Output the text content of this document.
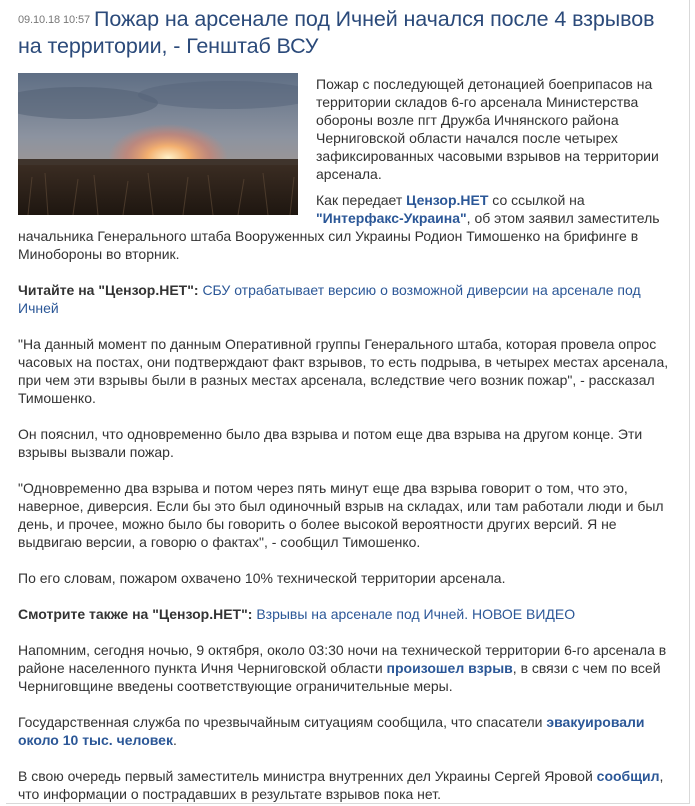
09.10.18 10:57 Пожар на арсенале под Ичней начался после 4 взрывов на территории, - Генштаб ВСУ

Пожар с последующей детонацией боеприпасов на территории складов 6-го арсенала Министерства обороны возле пгт Дружба Ичнянского района Черниговской области начался после четырех зафиксированных часовыми взрывов на территории арсенала.

Как передает Цензор.НЕТ со ссылкой на "Интерфакс-Украина", об этом заявил заместитель начальника Генерального штаба Вооруженных сил Украины Родион Тимошенко на брифинге в Минобороны во вторник.

Читайте на "Цензор.НЕТ": СБУ отрабатывает версию о возможной диверсии на арсенале под Ичней

"На данный момент по данным Оперативной группы Генерального штаба, которая провела опрос часовых на постах, они подтверждают факт взрывов, то есть подрыва, в четырех местах арсенала, при чем эти взрывы были в разных местах арсенала, вследствие чего возник пожар", - рассказал Тимошенко.

Он пояснил, что одновременно было два взрыва и потом еще два взрыва на другом конце. Эти взрывы вызвали пожар.

"Одновременно два взрыва и потом через пять минут еще два взрыва говорит о том, что это, наверное, диверсия. Если бы это был одиночный взрыв на складах, или там работали люди и был день, и прочее, можно было бы говорить о более высокой вероятности других версий. Я не выдвигаю версии, а говорю о фактах", - сообщил Тимошенко.

По его словам, пожаром охвачено 10% технической территории арсенала.

Смотрите также на "Цензор.НЕТ": Взрывы на арсенале под Ичней. НОВОЕ ВИДЕО

Напомним, сегодня ночью, 9 октября, около 03:30 ночи на технической территории 6-го арсенала в районе населенного пункта Ичня Черниговской области произошел взрыв, в связи с чем по всей Черниговщине введены соответствующие ограничительные меры.

Государственная служба по чрезвычайным ситуациям сообщила, что спасатели эвакуировали около 10 тыс. человек.

В свою очередь первый заместитель министра внутренних дел Украины Сергей Яровой сообщил, что информации о пострадавших в результате взрывов пока нет.
